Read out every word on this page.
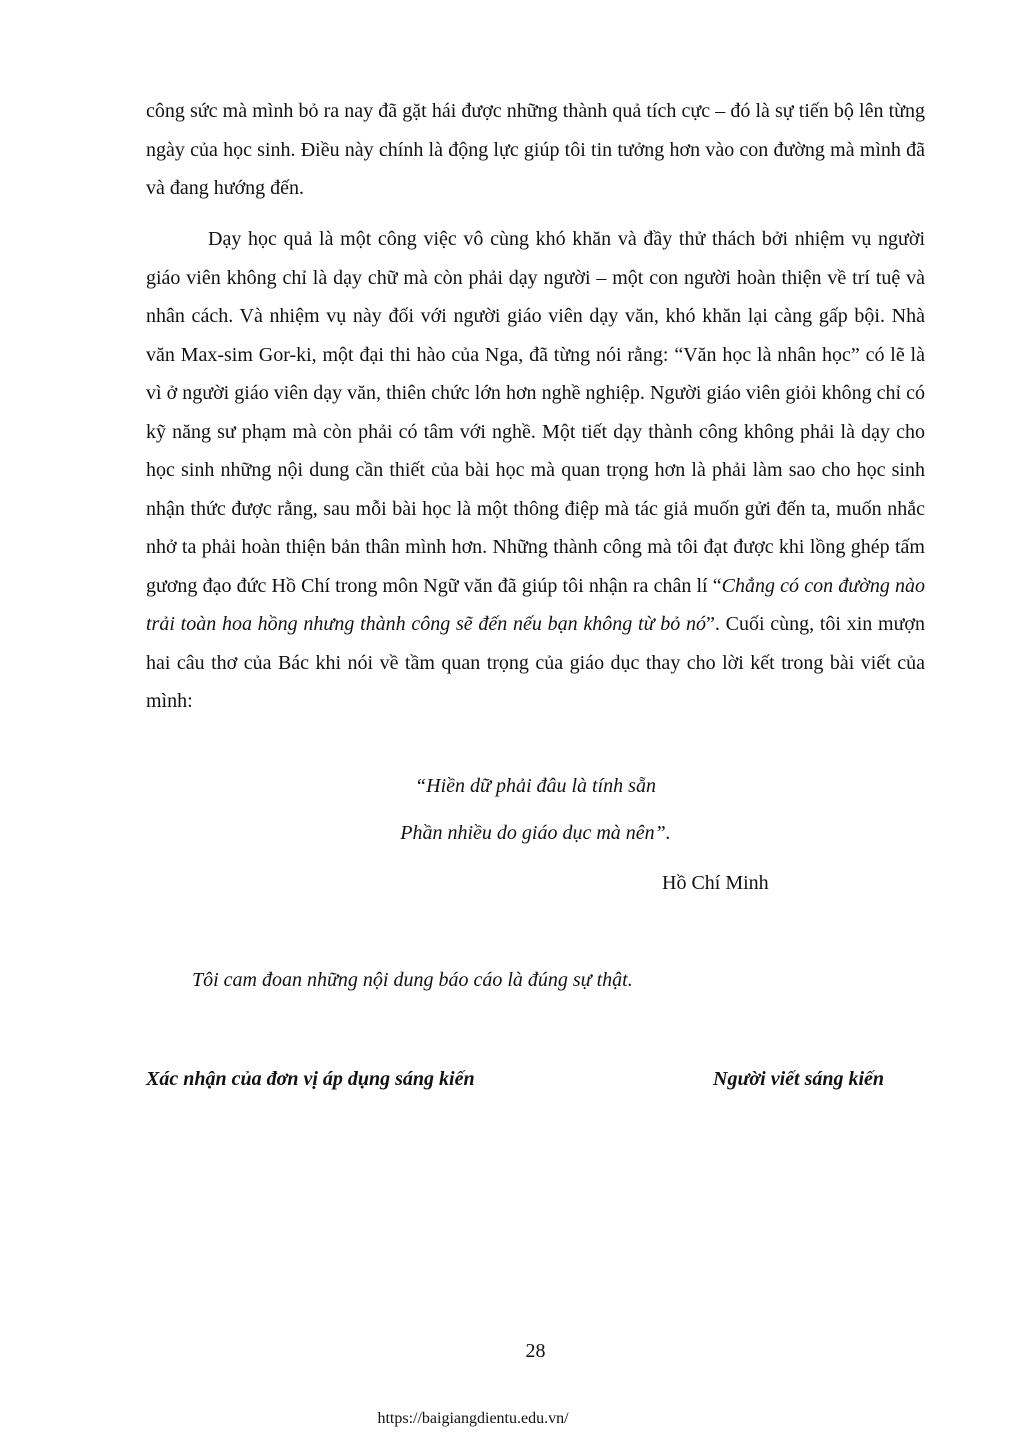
công sức mà mình bỏ ra nay đã gặt hái được những thành quả tích cực – đó là sự tiến bộ lên từng ngày của học sinh. Điều này chính là động lực giúp tôi tin tưởng hơn vào con đường mà mình đã và đang hướng đến.

Dạy học quả là một công việc vô cùng khó khăn và đầy thử thách bởi nhiệm vụ người giáo viên không chỉ là dạy chữ mà còn phải dạy người – một con người hoàn thiện về trí tuệ và nhân cách. Và nhiệm vụ này đối với người giáo viên dạy văn, khó khăn lại càng gấp bội. Nhà văn Max-sim Gor-ki, một đại thi hào của Nga, đã từng nói rằng: “Văn học là nhân học” có lẽ là vì ở người giáo viên dạy văn, thiên chức lớn hơn nghề nghiệp. Người giáo viên giỏi không chỉ có kỹ năng sư phạm mà còn phải có tâm với nghề. Một tiết dạy thành công không phải là dạy cho học sinh những nội dung cần thiết của bài học mà quan trọng hơn là phải làm sao cho học sinh nhận thức được rằng, sau mỗi bài học là một thông điệp mà tác giả muốn gửi đến ta, muốn nhắc nhở ta phải hoàn thiện bản thân mình hơn. Những thành công mà tôi đạt được khi lồng ghép tấm gương đạo đức Hồ Chí trong môn Ngữ văn đã giúp tôi nhận ra chân lí “Chẳng có con đường nào trải toàn hoa hồng nhưng thành công sẽ đến nếu bạn không từ bỏ nó”. Cuối cùng, tôi xin mượn hai câu thơ của Bác khi nói về tầm quan trọng của giáo dục thay cho lời kết trong bài viết của mình:

“Hiền dữ phải đâu là tính sẵn

Phần nhiều do giáo dục mà nên”.

Hồ Chí Minh

Tôi cam đoan những nội dung báo cáo là đúng sự thật.

Xác nhận của đơn vị áp dụng sáng kiến	Người viết sáng kiến

28

https://baigiangdientu.edu.vn/
